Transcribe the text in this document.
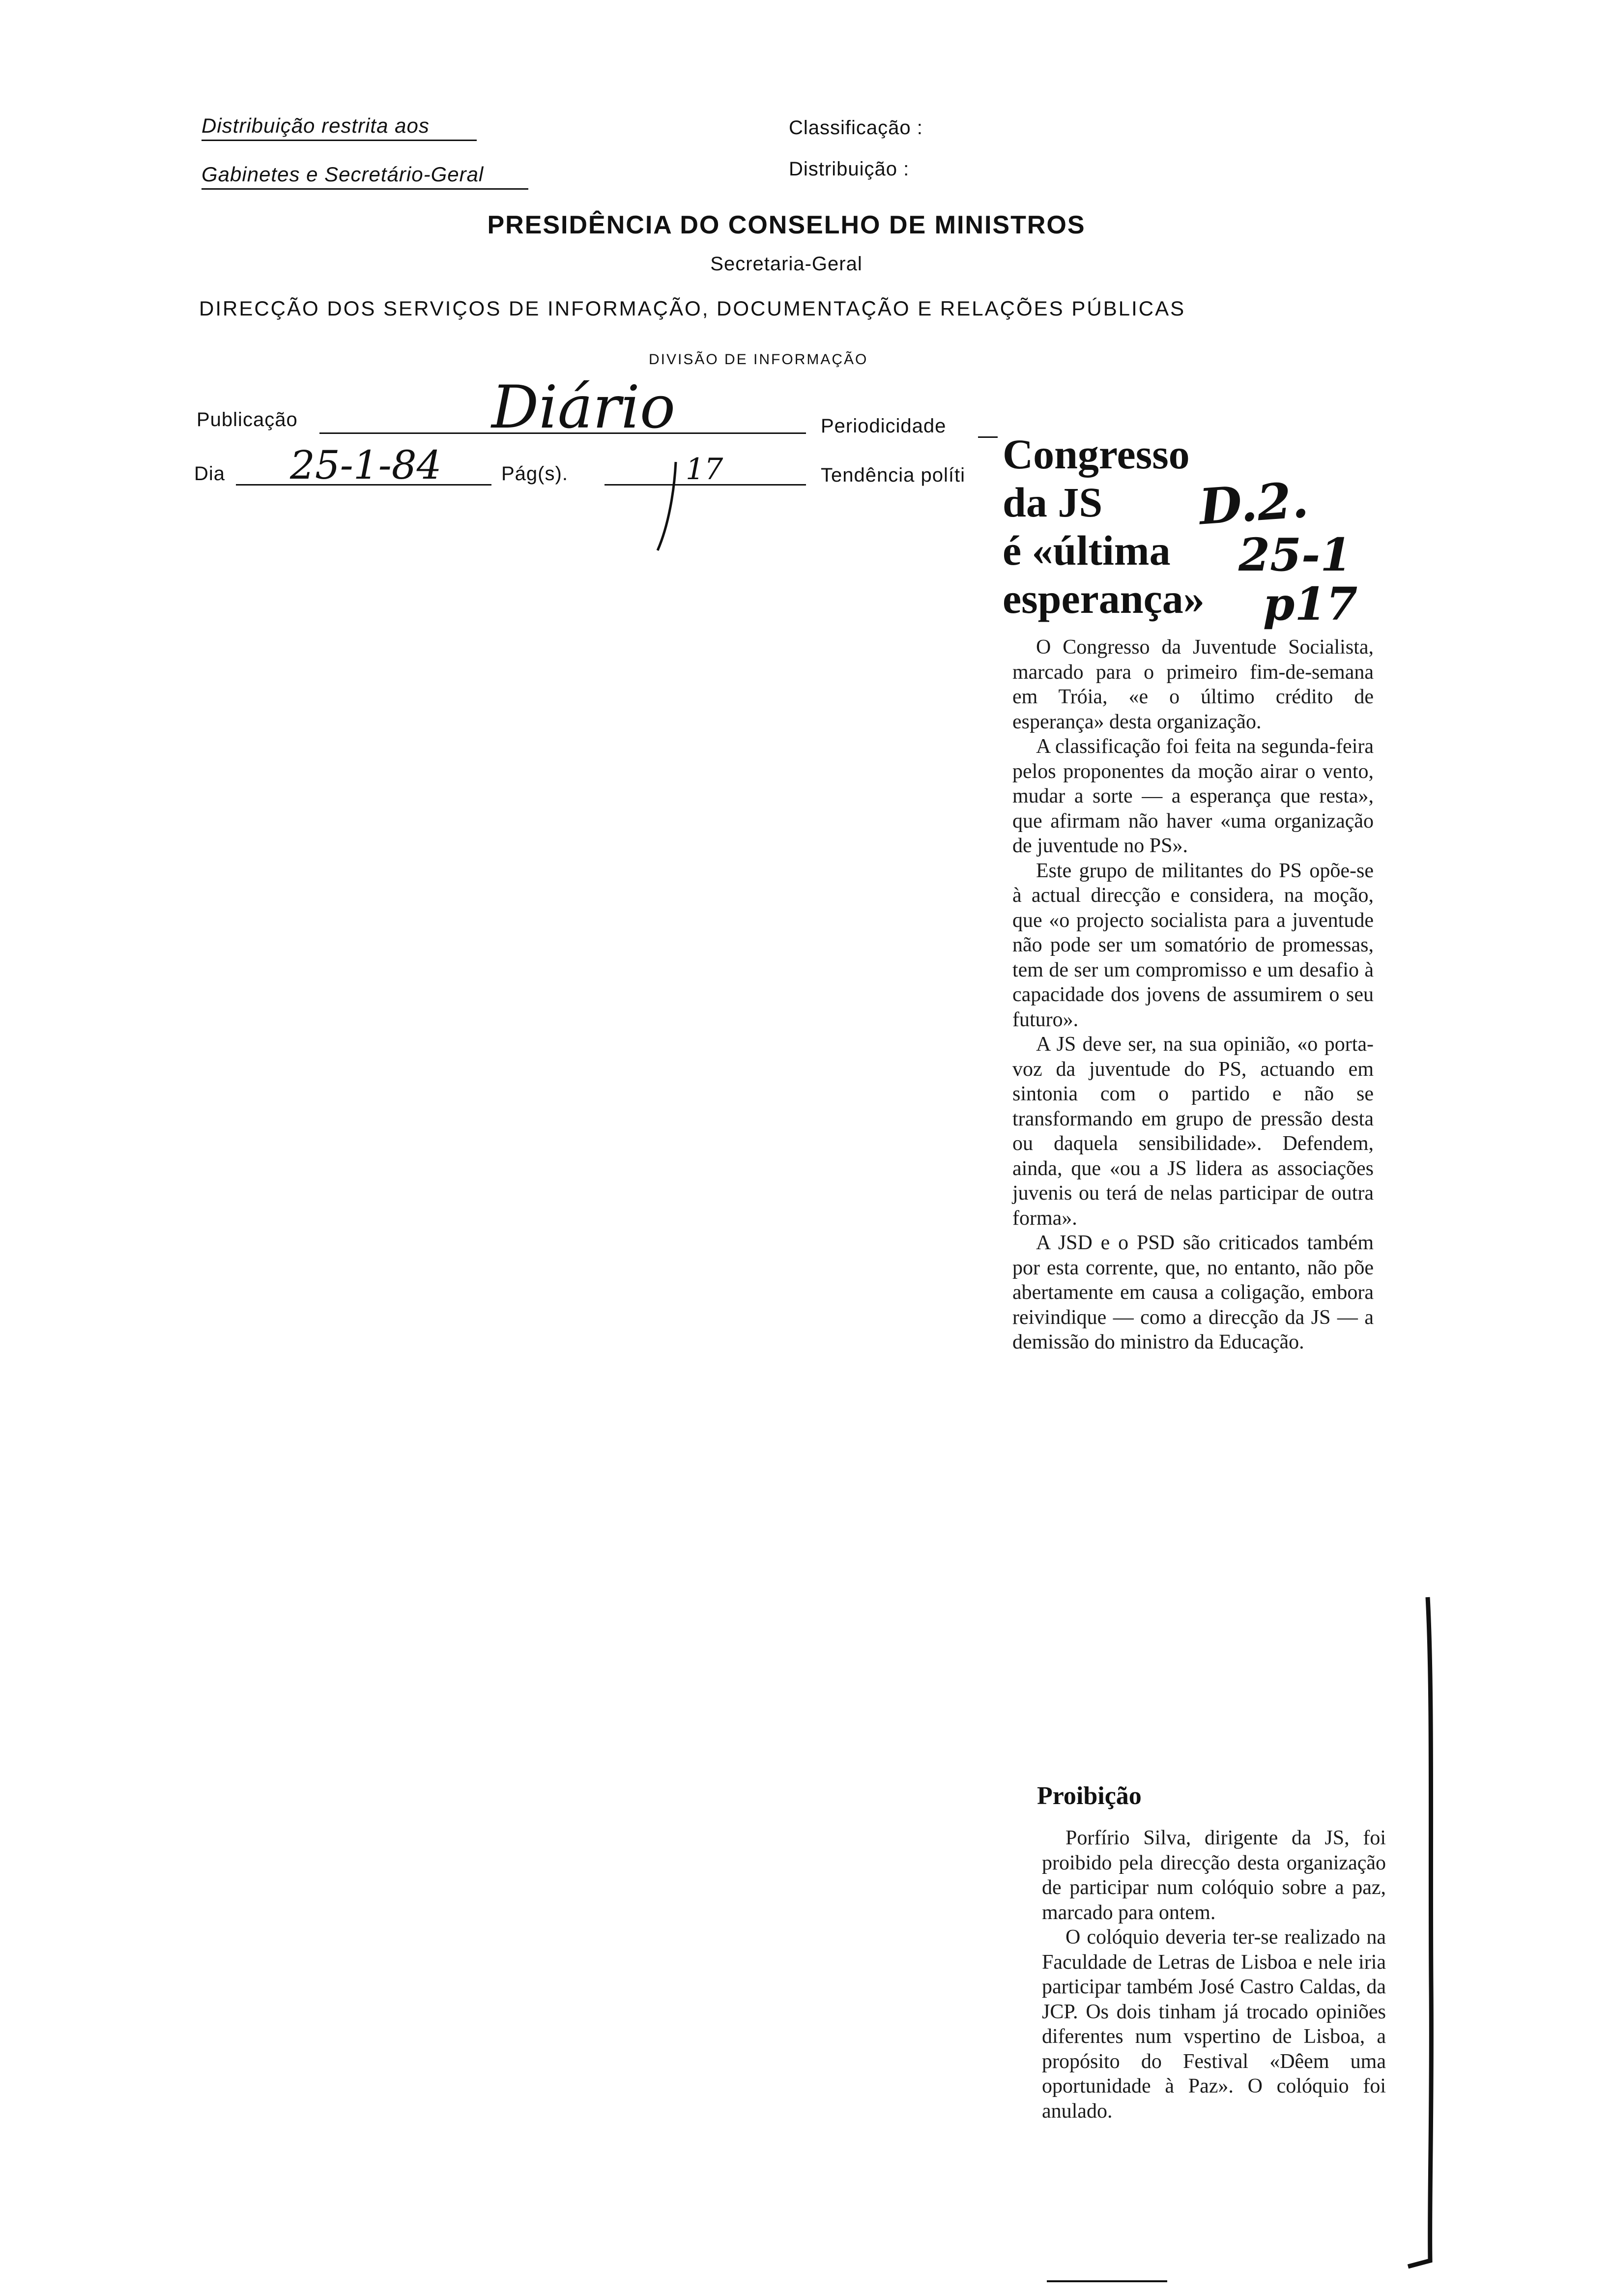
Distribuição restrita aos
Gabinetes e Secretário-Geral
Classificação :
Distribuição :
PRESIDÊNCIA DO CONSELHO DE MINISTROS
Secretaria-Geral
DIRECÇÃO DOS SERVIÇOS DE INFORMAÇÃO, DOCUMENTAÇÃO E RELAÇÕES PÚBLICAS
DIVISÃO DE INFORMAÇÃO
Publicação	Diário	Periodicidade
Dia 25-1-84	Pág(s).	17	Tendência políti	D.2.
25-1
p17
Congresso
da JS
é «última
esperança»

O Congresso da Juventude Socialista, marcado para o primeiro fim-de-semana em Tróia, «e o último crédito de esperança» desta organização.

A classificação foi feita na segunda-feira pelos proponentes da moção airar o vento, mudar a sorte — a esperança que resta», que afirmam não haver «uma organização de juventude no PS».

Este grupo de militantes do PS opõe-se à actual direcção e considera, na moção, que «o projecto socialista para a juventude não pode ser um somatório de promessas, tem de ser um compromisso e um desafio à capacidade dos jovens de assumirem o seu futuro».

A JS deve ser, na sua opinião, «o porta-voz da juventude do PS, actuando em sintonia com o partido e não se transformando em grupo de pressão desta ou daquela sensibilidade». Defendem, ainda, que «ou a JS lidera as associações juvenis ou terá de nelas participar de outra forma».

A JSD e o PSD são criticados também por esta corrente, que, no entanto, não põe abertamente em causa a coligação, embora reivindique — como a direcção da JS — a demissão do ministro da Educação.

Proibição

Porfírio Silva, dirigente da JS, foi proibido pela direcção desta organização de participar num colóquio sobre a paz, marcado para ontem.

O colóquio deveria ter-se realizado na Faculdade de Letras de Lisboa e nele iria participar também José Castro Caldas, da JCP. Os dois tinham já trocado opiniões diferentes num vspertino de Lisboa, a propósito do Festival «Dêem uma oportunidade à Paz». O colóquio foi anulado.
